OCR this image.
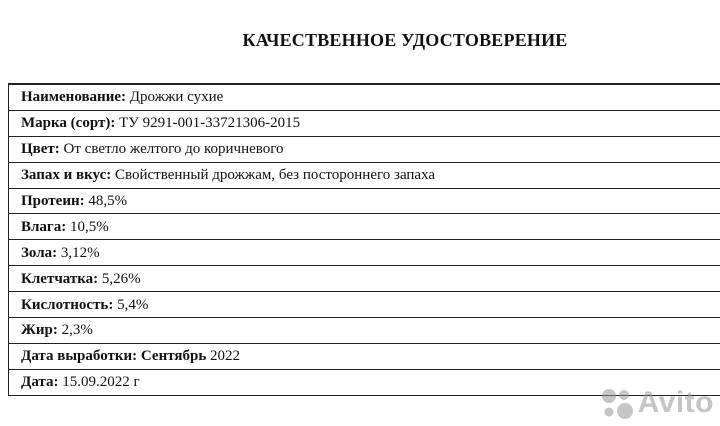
КАЧЕСТВЕННОЕ УДОСТОВЕРЕНИЕ
Наименование: Дрожжи сухие
Марка (сорт): ТУ 9291-001-33721306-2015
Цвет: От светло желтого до коричневого
Запах и вкус: Свойственный дрожжам, без постороннего запаха
Протеин: 48,5%
Влага: 10,5%
Зола: 3,12%
Клетчатка: 5,26%
Кислотность: 5,4%
Жир: 2,3%
Дата выработки: Сентябрь 2022
Дата: 15.09.2022 г
Avito
